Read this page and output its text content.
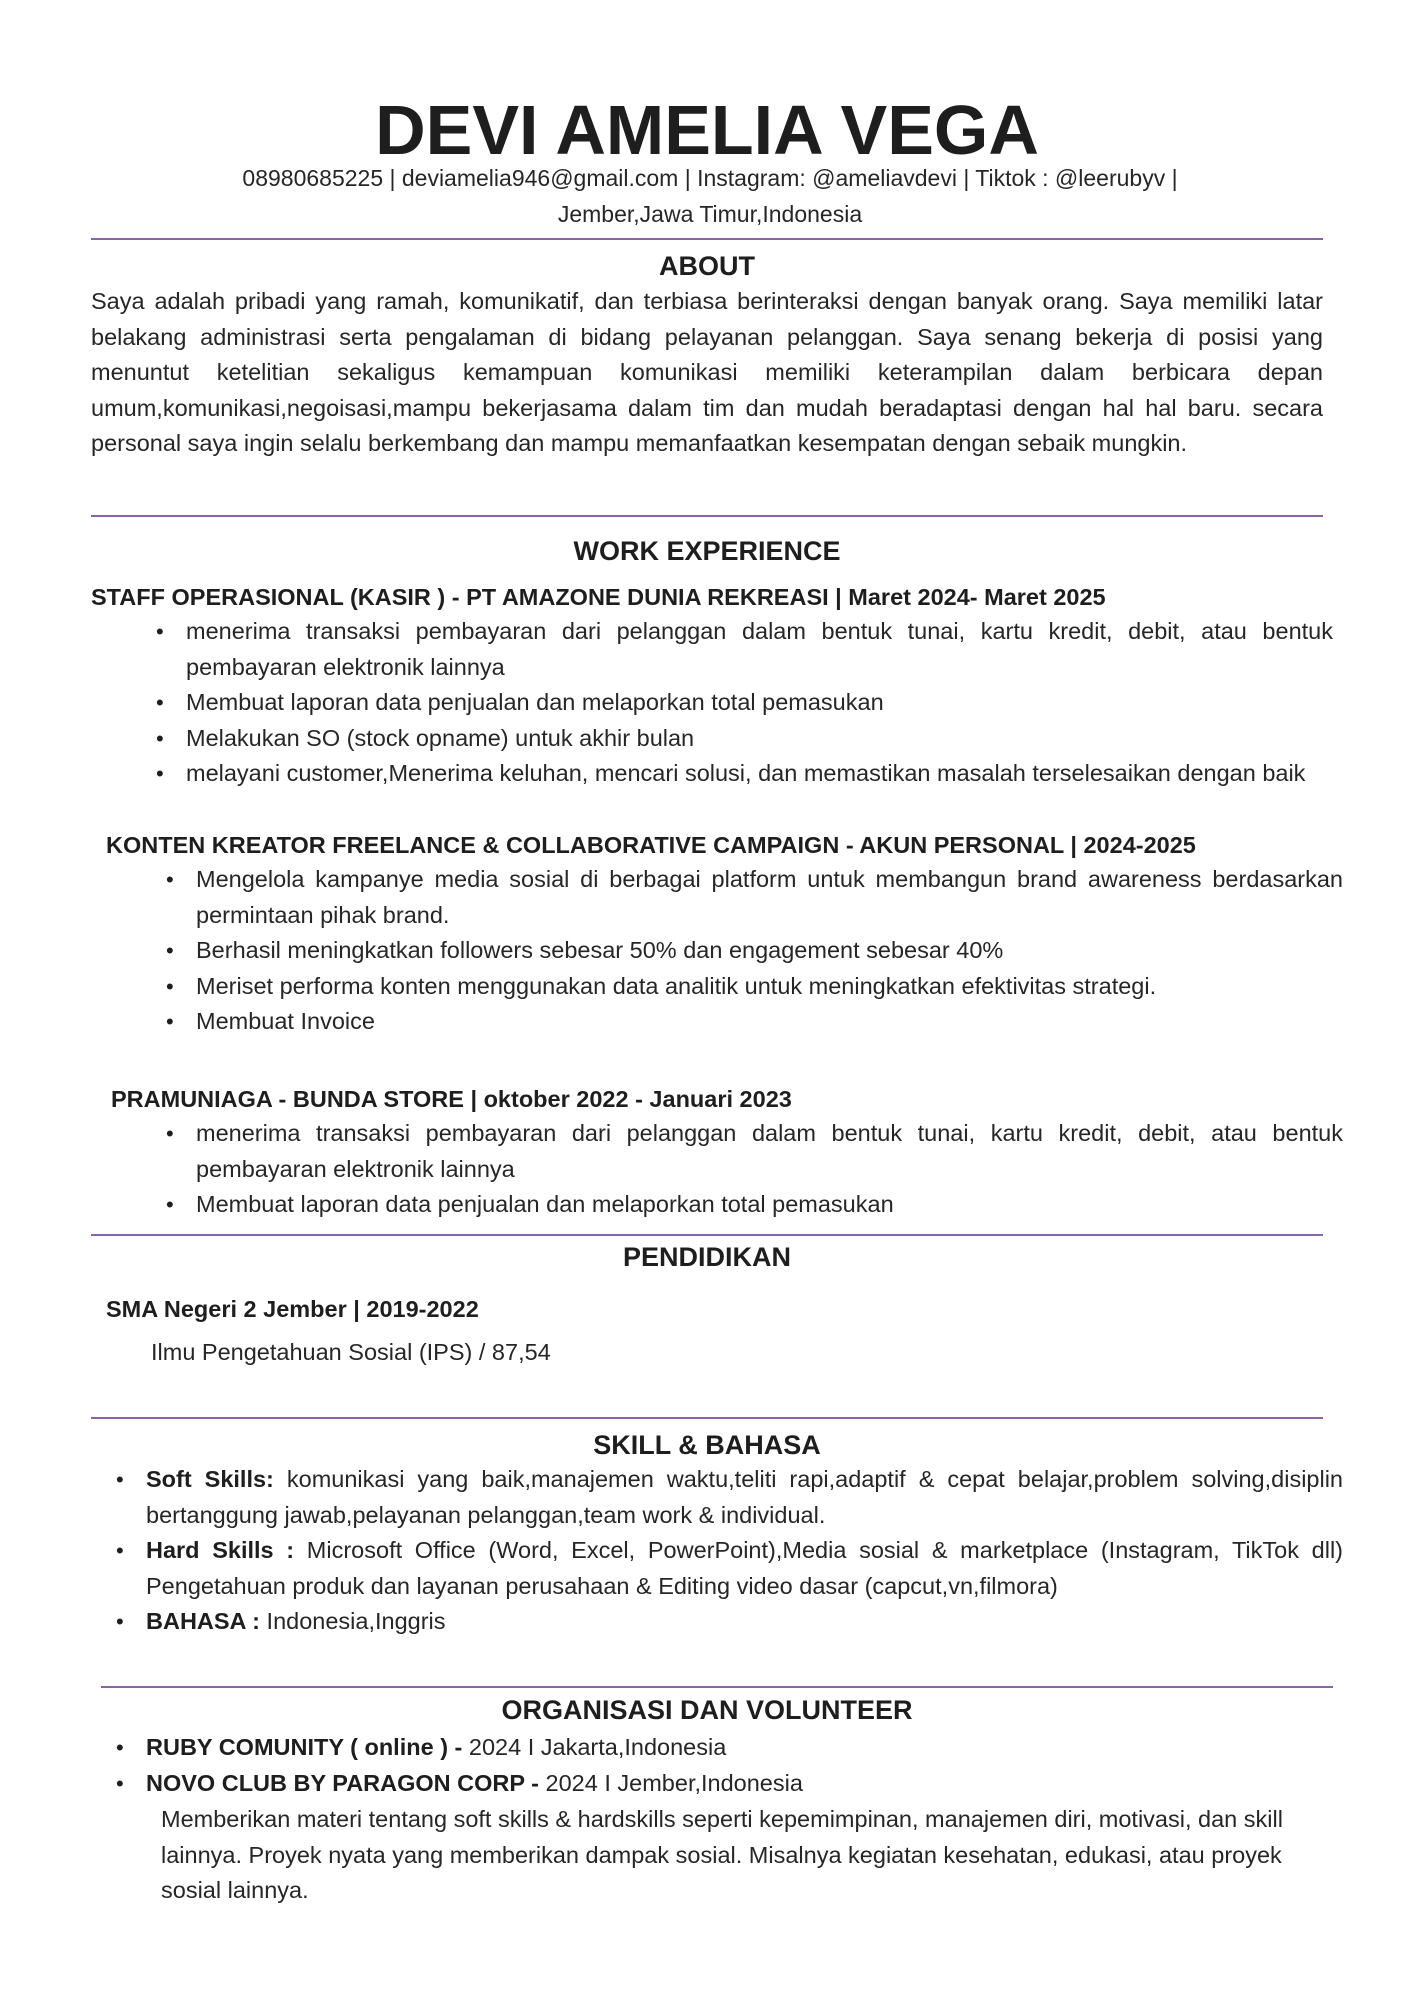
DEVI AMELIA VEGA
08980685225 | deviamelia946@gmail.com | Instagram: @ameliavdevi | Tiktok : @leerubyv |
Jember,Jawa Timur,Indonesia
ABOUT

Saya adalah pribadi yang ramah, komunikatif, dan terbiasa berinteraksi dengan banyak orang. Saya memiliki latar belakang administrasi serta pengalaman di bidang pelayanan pelanggan. Saya senang bekerja di posisi yang menuntut ketelitian sekaligus kemampuan komunikasi memiliki keterampilan dalam berbicara depan umum,komunikasi,negoisasi,mampu bekerjasama dalam tim dan mudah beradaptasi dengan hal hal baru. secara personal saya ingin selalu berkembang dan mampu memanfaatkan kesempatan dengan sebaik mungkin.

WORK EXPERIENCE
STAFF OPERASIONAL (KASIR ) - PT AMAZONE DUNIA REKREASI | Maret 2024- Maret 2025
• menerima transaksi pembayaran dari pelanggan dalam bentuk tunai, kartu kredit, debit, atau bentuk pembayaran elektronik lainnya
• Membuat laporan data penjualan dan melaporkan total pemasukan
• Melakukan SO (stock opname) untuk akhir bulan
• melayani customer,Menerima keluhan, mencari solusi, dan memastikan masalah terselesaikan dengan baik
KONTEN KREATOR FREELANCE & COLLABORATIVE CAMPAIGN - AKUN PERSONAL | 2024-2025
• Mengelola kampanye media sosial di berbagai platform untuk membangun brand awareness berdasarkan permintaan pihak brand.
• Berhasil meningkatkan followers sebesar 50% dan engagement sebesar 40%
• Meriset performa konten menggunakan data analitik untuk meningkatkan efektivitas strategi.
• Membuat Invoice
PRAMUNIAGA - BUNDA STORE | oktober 2022 - Januari 2023
• menerima transaksi pembayaran dari pelanggan dalam bentuk tunai, kartu kredit, debit, atau bentuk pembayaran elektronik lainnya
• Membuat laporan data penjualan dan melaporkan total pemasukan
PENDIDIKAN
SMA Negeri 2 Jember | 2019-2022
Ilmu Pengetahuan Sosial (IPS) / 87,54
SKILL & BAHASA
• Soft Skills: komunikasi yang baik,manajemen waktu,teliti rapi,adaptif & cepat belajar,problem solving,disiplin bertanggung jawab,pelayanan pelanggan,team work & individual.
• Hard Skills : Microsoft Office (Word, Excel, PowerPoint),Media sosial & marketplace (Instagram, TikTok dll) Pengetahuan produk dan layanan perusahaan & Editing video dasar (capcut,vn,filmora)
• BAHASA : Indonesia,Inggris
ORGANISASI DAN VOLUNTEER
• RUBY COMUNITY ( online ) - 2024 I Jakarta,Indonesia
• NOVO CLUB BY PARAGON CORP - 2024 I Jember,Indonesia

Memberikan materi tentang soft skills & hardskills seperti kepemimpinan, manajemen diri, motivasi, dan skill lainnya. Proyek nyata yang memberikan dampak sosial. Misalnya kegiatan kesehatan, edukasi, atau proyek sosial lainnya.
